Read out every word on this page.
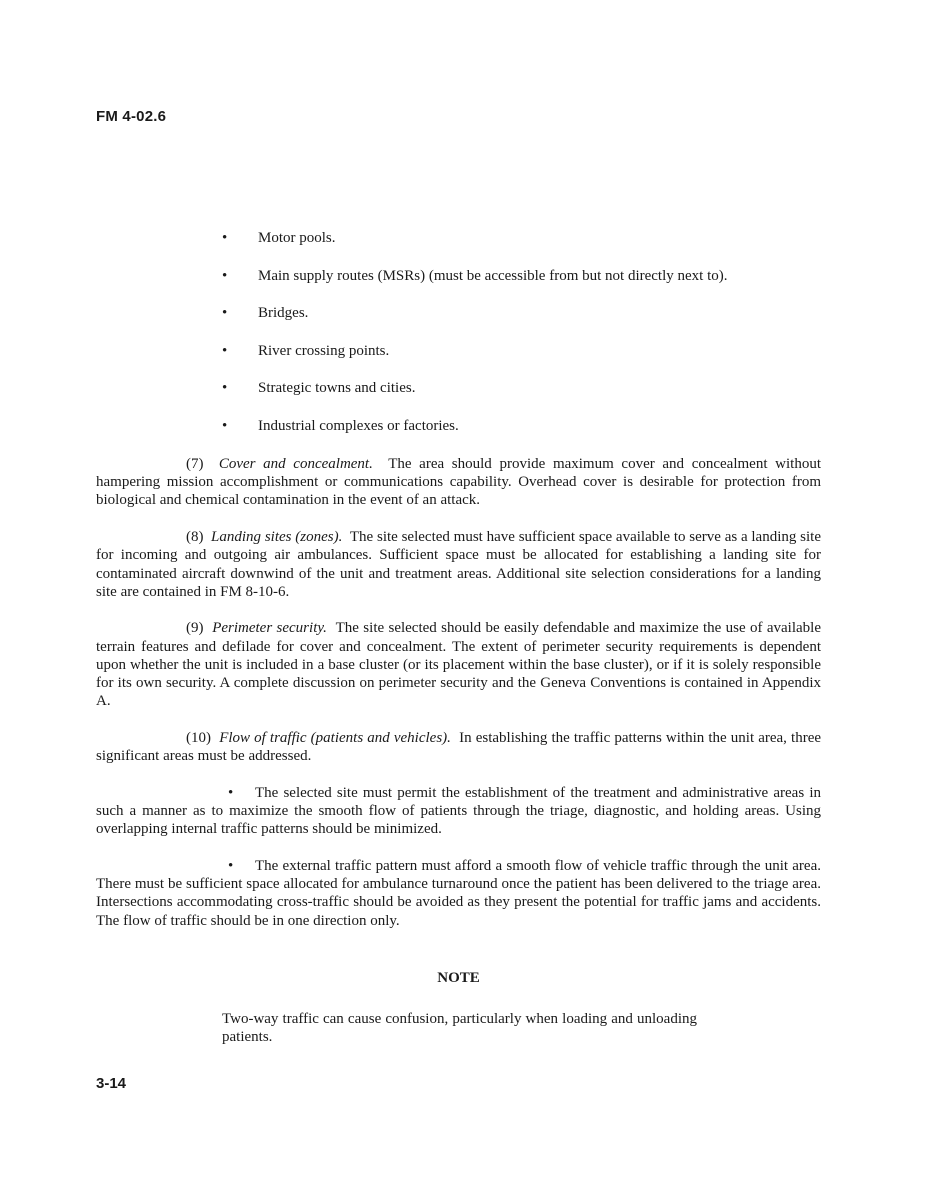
FM 4-02.6
• Motor pools.
• Main supply routes (MSRs) (must be accessible from but not directly next to).
• Bridges.
• River crossing points.
• Strategic towns and cities.
• Industrial complexes or factories.

(7) Cover and concealment. The area should provide maximum cover and concealment without hampering mission accomplishment or communications capability. Overhead cover is desirable for protection from biological and chemical contamination in the event of an attack.

(8) Landing sites (zones). The site selected must have sufficient space available to serve as a landing site for incoming and outgoing air ambulances. Sufficient space must be allocated for establishing a landing site for contaminated aircraft downwind of the unit and treatment areas. Additional site selection considerations for a landing site are contained in FM 8-10-6.

(9) Perimeter security. The site selected should be easily defendable and maximize the use of available terrain features and defilade for cover and concealment. The extent of perimeter security requirements is dependent upon whether the unit is included in a base cluster (or its placement within the base cluster), or if it is solely responsible for its own security. A complete discussion on perimeter security and the Geneva Conventions is contained in Appendix A.

(10) Flow of traffic (patients and vehicles). In establishing the traffic patterns within the unit area, three significant areas must be addressed.

• The selected site must permit the establishment of the treatment and administrative areas in such a manner as to maximize the smooth flow of patients through the triage, diagnostic, and holding areas. Using overlapping internal traffic patterns should be minimized.

• The external traffic pattern must afford a smooth flow of vehicle traffic through the unit area. There must be sufficient space allocated for ambulance turnaround once the patient has been delivered to the triage area. Intersections accommodating cross-traffic should be avoided as they present the potential for traffic jams and accidents. The flow of traffic should be in one direction only.

NOTE

Two-way traffic can cause confusion, particularly when loading and unloading patients.

3-14
